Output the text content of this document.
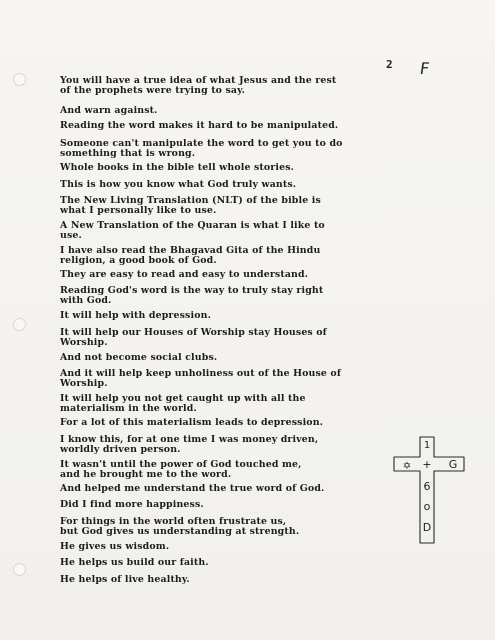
2 F
You will have a true idea of what Jesus and the rest
of the prophets were trying to say.
And warn against.
Reading the word makes it hard to be manipulated.
Someone can't manipulate the word to get you to do
something that is wrong.
Whole books in the bible tell whole stories.
This is how you know what God truly wants.
The New Living Translation (NLT) of the bible is
what I personally like to use.
A New Translation of the Quaran is what I like to
use.
I have also read the Bhagavad Gita of the Hindu
religion, a good book of God.
They are easy to read and easy to understand.
Reading God's word is the way to truly stay right
with God.
It will help with depression.
It will help our Houses of Worship stay Houses of
Worship.
And not become social clubs.
And it will help keep unholiness out of the House of
Worship.
It will help you not get caught up with all the
materialism in the world.
For a lot of this materialism leads to depression.
I know this, for at one time I was money driven,
worldly driven person.
It wasn't until the power of God touched me,
and he brought me to the word.
And helped me understand the true word of God.
Did I find more happiness.
For things in the world often frustrate us,
but God gives us understanding at strength.
He gives us wisdom.
He helps us build our faith.
He helps of live healthy.
1
+
6
o
D
✡	G
